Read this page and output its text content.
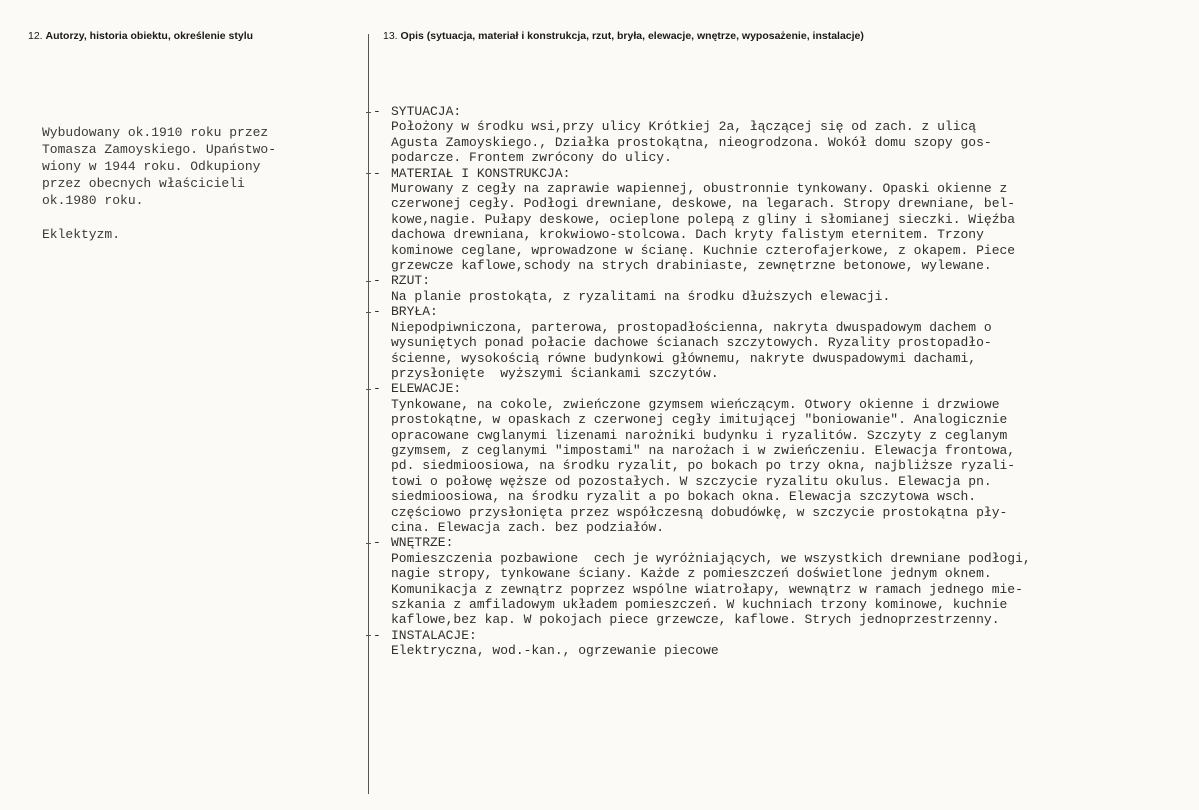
12. Autorzy, historia obiektu, określenie stylu	13. Opis (sytuacja, materiał i konstrukcja, rzut, bryła, elewacje, wnętrze, wyposażenie, instalacje)

Wybudowany ok.1910 roku przez

Tomasza Zamoyskiego. Upaństwo-

wiony w 1944 roku. Odkupiony

przez obecnych właścicieli

ok.1980 roku.

Eklektyzm.

- SYTUACJA:

Położony w środku wsi,przy ulicy Krótkiej 2a, łączącej się od zach. z ulicą

Agusta Zamoyskiego., Działka prostokątna, nieogrodzona. Wokół domu szopy gos-

podarcze. Frontem zwrócony do ulicy.

- MATERIAŁ I KONSTRUKCJA:

Murowany z cegły na zaprawie wapiennej, obustronnie tynkowany. Opaski okienne z

czerwonej cegły. Podłogi drewniane, deskowe, na legarach. Stropy drewniane, bel-

kowe,nagie. Pułapy deskowe, ocieplone polepą z gliny i słomianej sieczki. Więźba

dachowa drewniana, krokwiowo-stolcowa. Dach kryty falistym eternitem. Trzony

kominowe ceglane, wprowadzone w ścianę. Kuchnie czterofajerkowe, z okapem. Piece

grzewcze kaflowe,schody na strych drabiniaste, zewnętrzne betonowe, wylewane.

- RZUT:

Na planie prostokąta, z ryzalitami na środku dłuższych elewacji.

- BRYŁA:

Niepodpiwniczona, parterowa, prostopadłościenna, nakryta dwuspadowym dachem o

wysuniętych ponad połacie dachowe ścianach szczytowych. Ryzality prostopadło-

ścienne, wysokością równe budynkowi głównemu, nakryte dwuspadowymi dachami,

przysłonięte  wyższymi ściankami szczytów.

- ELEWACJE:

Tynkowane, na cokole, zwieńczone gzymsem wieńczącym. Otwory okienne i drzwiowe

prostokątne, w opaskach z czerwonej cegły imitującej "boniowanie". Analogicznie

opracowane cwglanymi lizenami narożniki budynku i ryzalitów. Szczyty z ceglanym

gzymsem, z ceglanymi "impostami" na narożach i w zwieńczeniu. Elewacja frontowa,

pd. siedmioosiowa, na środku ryzalit, po bokach po trzy okna, najbliższe ryzali-

towi o połowę węższe od pozostałych. W szczycie ryzalitu okulus. Elewacja pn.

siedmioosiowa, na środku ryzalit a po bokach okna. Elewacja szczytowa wsch.

częściowo przysłonięta przez współczesną dobudówkę, w szczycie prostokątna pły-

cina. Elewacja zach. bez podziałów.

- WNĘTRZE:

Pomieszczenia pozbawione  cech je wyróżniających, we wszystkich drewniane podłogi,

nagie stropy, tynkowane ściany. Każde z pomieszczeń doświetlone jednym oknem.

Komunikacja z zewnątrz poprzez wspólne wiatrołapy, wewnątrz w ramach jednego mie-

szkania z amfiladowym układem pomieszczeń. W kuchniach trzony kominowe, kuchnie

kaflowe,bez kap. W pokojach piece grzewcze, kaflowe. Strych jednoprzestrzenny.

- INSTALACJE:

Elektryczna, wod.-kan., ogrzewanie piecowe
